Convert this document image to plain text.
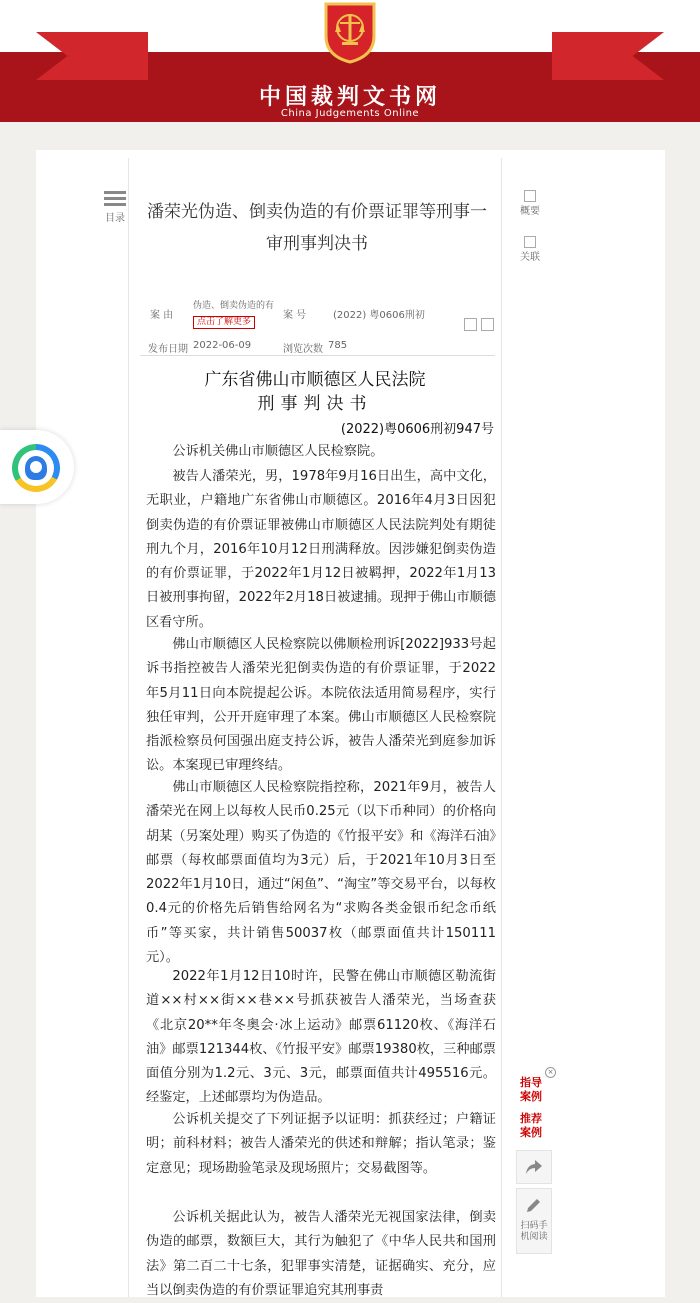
中国裁判文书网
China Judgements Online
目录
概要
关联
潘荣光伪造、倒卖伪造的有价票证罪等刑事一审刑事判决书
案 由
伪造、倒卖伪造的有
点击了解更多
案 号	(2022) 粤0606刑初
发布日期 2022-06-09	浏览次数 785
广东省佛山市顺德区人民法院
刑事判决书
(2022)粤0606刑初947号
公诉机关佛山市顺德区人民检察院。
被告人潘荣光，男，1978年9月16日出生，高中文化，无职业，户籍地广东省佛山市顺德区。2016年4月3日因犯倒卖伪造的有价票证罪被佛山市顺德区人民法院判处有期徒刑九个月，2016年10月12日刑满释放。因涉嫌犯倒卖伪造的有价票证罪，于2022年1月12日被羁押，2022年1月13日被刑事拘留，2022年2月18日被逮捕。现押于佛山市顺德区看守所。
佛山市顺德区人民检察院以佛顺检刑诉[2022]933号起诉书指控被告人潘荣光犯倒卖伪造的有价票证罪，于2022年5月11日向本院提起公诉。本院依法适用简易程序，实行独任审判，公开开庭审理了本案。佛山市顺德区人民检察院指派检察员何国强出庭支持公诉，被告人潘荣光到庭参加诉讼。本案现已审理终结。
佛山市顺德区人民检察院指控称，2021年9月，被告人潘荣光在网上以每枚人民币0.25元（以下币种同）的价格向胡某（另案处理）购买了伪造的《竹报平安》和《海洋石油》邮票（每枚邮票面值均为3元）后，于2021年10月3日至2022年1月10日，通过“闲鱼”、“淘宝”等交易平台，以每枚0.4元的价格先后销售给网名为“求购各类金银币纪念币纸币”等买家，共计销售50037枚（邮票面值共计150111元）。
2022年1月12日10时许，民警在佛山市顺德区勒流街道××村××街××巷××号抓获被告人潘荣光，当场查获《北京20**年冬奥会·冰上运动》邮票61120枚、《海洋石油》邮票121344枚、《竹报平安》邮票19380枚，三种邮票面值分别为1.2元、3元、3元，邮票面值共计495516元。经鉴定，上述邮票均为伪造品。
公诉机关提交了下列证据予以证明：抓获经过；户籍证明；前科材料；被告人潘荣光的供述和辩解；指认笔录；鉴定意见；现场勘验笔录及现场照片；交易截图等。
公诉机关据此认为，被告人潘荣光无视国家法律，倒卖伪造的邮票，数额巨大，其行为触犯了《中华人民共和国刑法》第二百二十七条，犯罪事实清楚，证据确实、充分，应当以倒卖伪造的有价票证罪追究其刑事责
×
指导案例
推荐案例
扫码手机阅读
